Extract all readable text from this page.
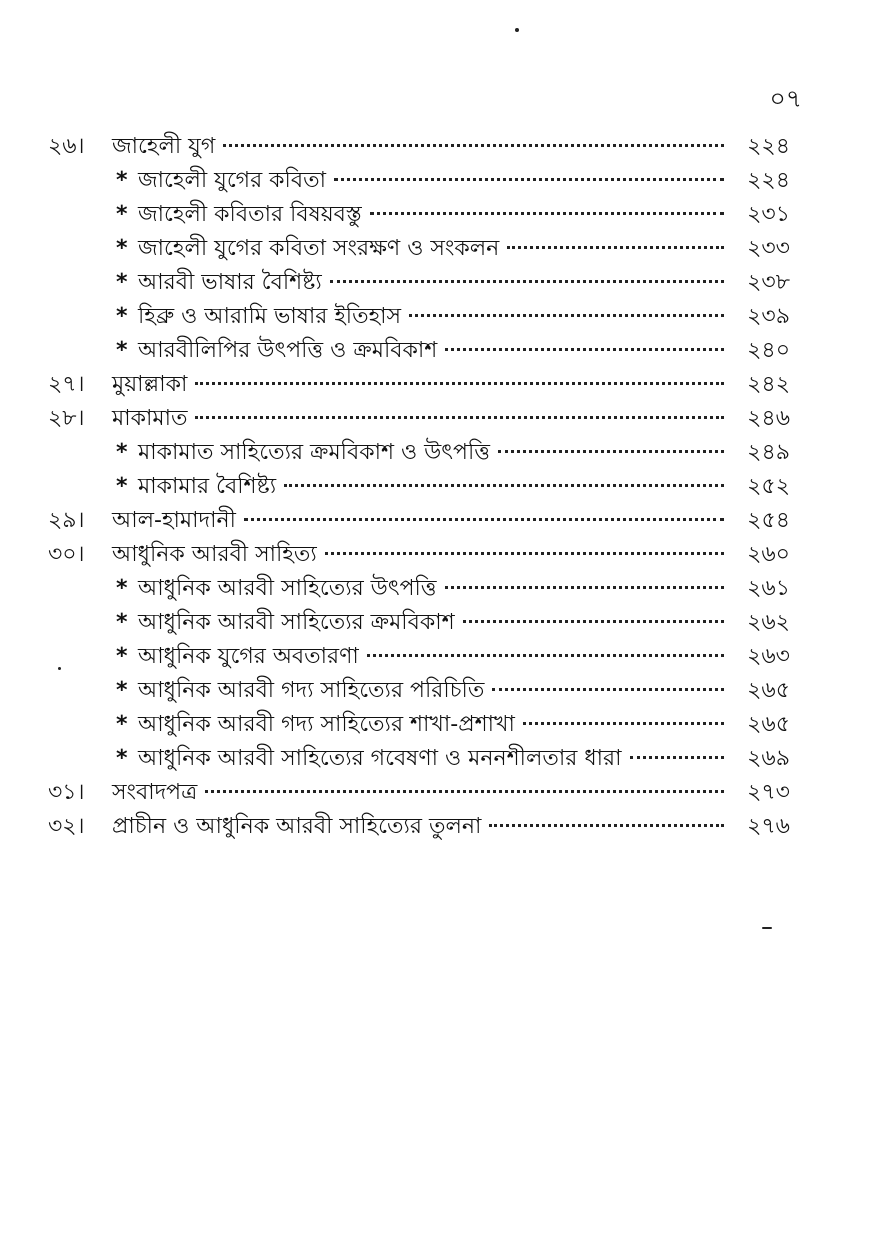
০৭
২৬।	জাহেলী যুগ	২২৪
* জাহেলী যুগের কবিতা	২২৪
* জাহেলী কবিতার বিষয়বস্তু	২৩১
* জাহেলী যুগের কবিতা সংরক্ষণ ও সংকলন	২৩৩
* আরবী ভাষার বৈশিষ্ট্য	২৩৮
* হিব্রু ও আরামি ভাষার ইতিহাস	২৩৯
* আরবীলিপির উৎপত্তি ও ক্রমবিকাশ	২৪০
২৭।	মুয়াল্লাকা	২৪২
২৮।	মাকামাত	২৪৬
* মাকামাত সাহিত্যের ক্রমবিকাশ ও উৎপত্তি	২৪৯
* মাকামার বৈশিষ্ট্য	২৫২
২৯।	আল-হামাদানী	২৫৪
৩০।	আধুনিক আরবী সাহিত্য	২৬০
* আধুনিক আরবী সাহিত্যের উৎপত্তি	২৬১
* আধুনিক আরবী সাহিত্যের ক্রমবিকাশ	২৬২
* আধুনিক যুগের অবতারণা	২৬৩
* আধুনিক আরবী গদ্য সাহিত্যের পরিচিতি	২৬৫
* আধুনিক আরবী গদ্য সাহিত্যের শাখা-প্রশাখা	২৬৫
* আধুনিক আরবী সাহিত্যের গবেষণা ও মননশীলতার ধারা	২৬৯
৩১।	সংবাদপত্র	২৭৩
৩২।	প্রাচীন ও আধুনিক আরবী সাহিত্যের তুলনা	২৭৬
